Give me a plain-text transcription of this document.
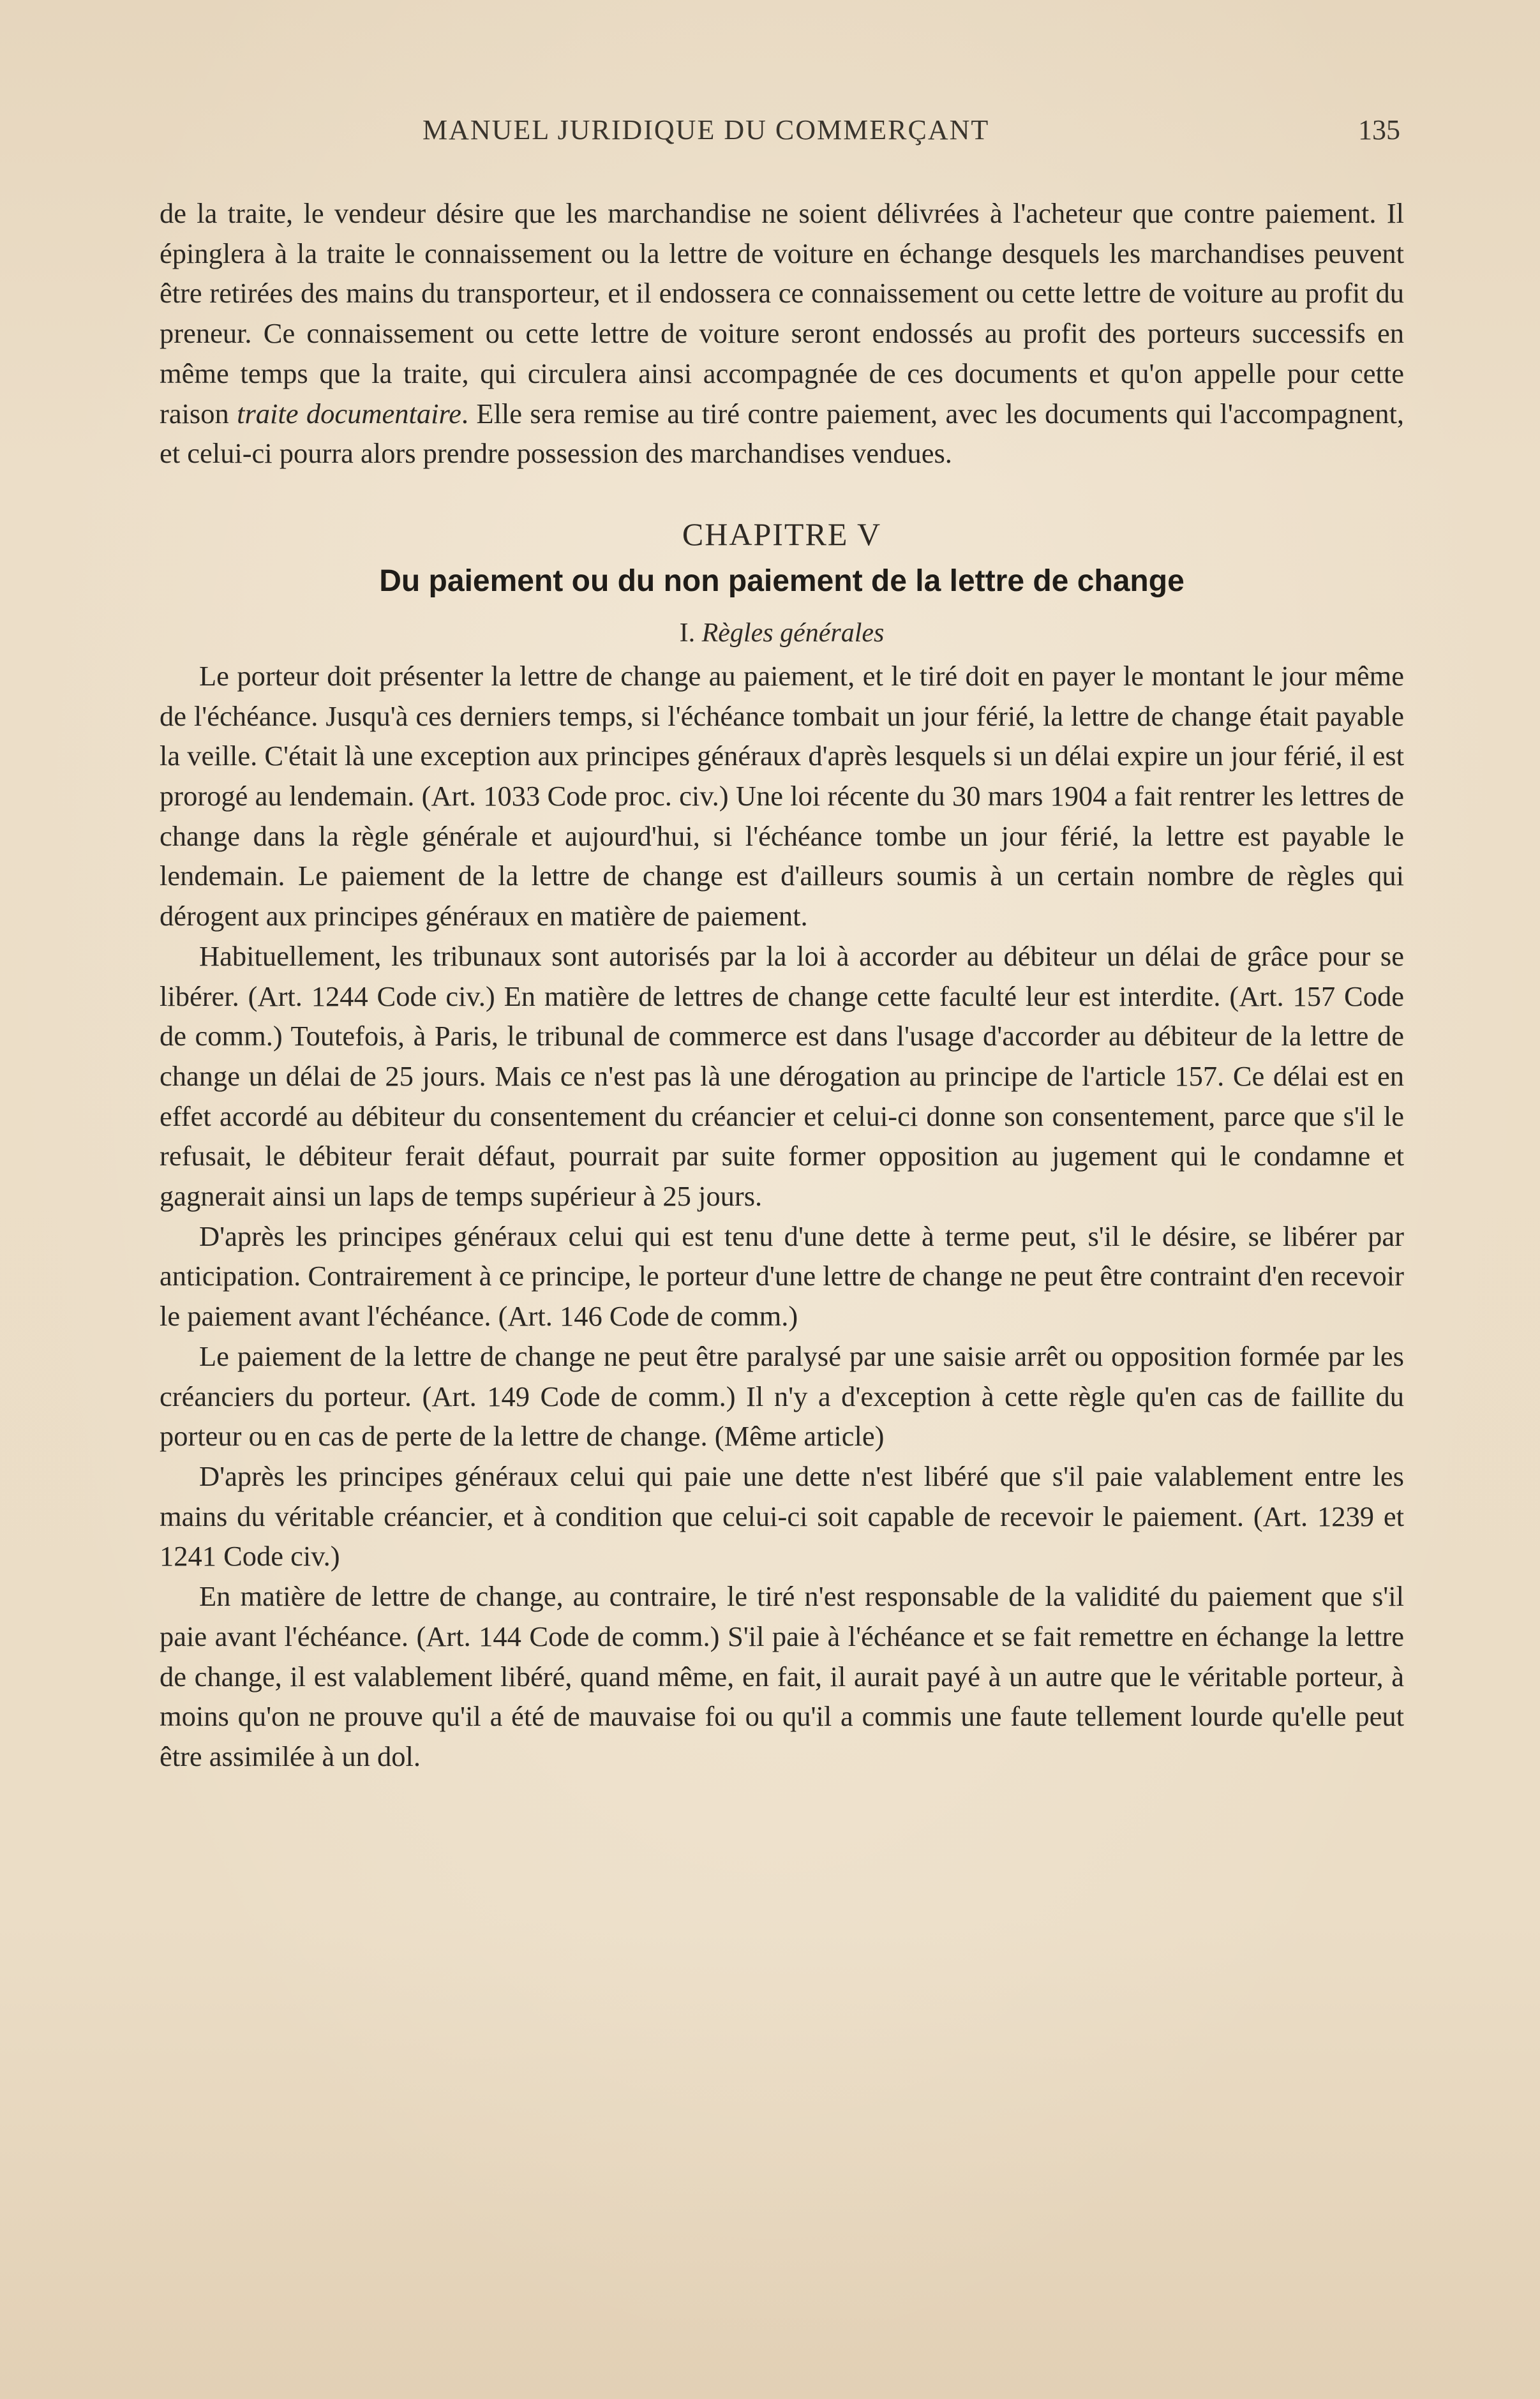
MANUEL JURIDIQUE DU COMMERÇANT	135

de la traite, le vendeur désire que les marchandise ne soient délivrées à l'acheteur que contre paiement. Il épinglera à la traite le connaissement ou la lettre de voiture en échange desquels les marchandises peuvent être retirées des mains du transporteur, et il endossera ce connaissement ou cette lettre de voiture au profit du preneur. Ce connaissement ou cette lettre de voiture seront endossés au profit des porteurs successifs en même temps que la traite, qui circulera ainsi accompagnée de ces documents et qu'on appelle pour cette raison traite documentaire. Elle sera remise au tiré contre paiement, avec les documents qui l'accompagnent, et celui-ci pourra alors prendre possession des marchandises vendues.

CHAPITRE V
Du paiement ou du non paiement de la lettre de change
I. Règles générales

Le porteur doit présenter la lettre de change au paiement, et le tiré doit en payer le montant le jour même de l'échéance. Jusqu'à ces derniers temps, si l'échéance tombait un jour férié, la lettre de change était payable la veille. C'était là une exception aux principes généraux d'après lesquels si un délai expire un jour férié, il est prorogé au lendemain. (Art. 1033 Code proc. civ.) Une loi récente du 30 mars 1904 a fait rentrer les lettres de change dans la règle générale et aujourd'hui, si l'échéance tombe un jour férié, la lettre est payable le lendemain. Le paiement de la lettre de change est d'ailleurs soumis à un certain nombre de règles qui dérogent aux principes généraux en matière de paiement.

Habituellement, les tribunaux sont autorisés par la loi à accorder au débiteur un délai de grâce pour se libérer. (Art. 1244 Code civ.) En matière de lettres de change cette faculté leur est interdite. (Art. 157 Code de comm.) Toutefois, à Paris, le tribunal de commerce est dans l'usage d'accorder au débiteur de la lettre de change un délai de 25 jours. Mais ce n'est pas là une dérogation au principe de l'article 157. Ce délai est en effet accordé au débiteur du consentement du créancier et celui-ci donne son consentement, parce que s'il le refusait, le débiteur ferait défaut, pourrait par suite former opposition au jugement qui le condamne et gagnerait ainsi un laps de temps supérieur à 25 jours.

D'après les principes généraux celui qui est tenu d'une dette à terme peut, s'il le désire, se libérer par anticipation. Contrairement à ce principe, le porteur d'une lettre de change ne peut être contraint d'en recevoir le paiement avant l'échéance. (Art. 146 Code de comm.)

Le paiement de la lettre de change ne peut être paralysé par une saisie arrêt ou opposition formée par les créanciers du porteur. (Art. 149 Code de comm.) Il n'y a d'exception à cette règle qu'en cas de faillite du porteur ou en cas de perte de la lettre de change. (Même article)

D'après les principes généraux celui qui paie une dette n'est libéré que s'il paie valablement entre les mains du véritable créancier, et à condition que celui-ci soit capable de recevoir le paiement. (Art. 1239 et 1241 Code civ.)

En matière de lettre de change, au contraire, le tiré n'est responsable de la validité du paiement que s'il paie avant l'échéance. (Art. 144 Code de comm.) S'il paie à l'échéance et se fait remettre en échange la lettre de change, il est valablement libéré, quand même, en fait, il aurait payé à un autre que le véritable porteur, à moins qu'on ne prouve qu'il a été de mauvaise foi ou qu'il a commis une faute tellement lourde qu'elle peut être assimilée à un dol.
